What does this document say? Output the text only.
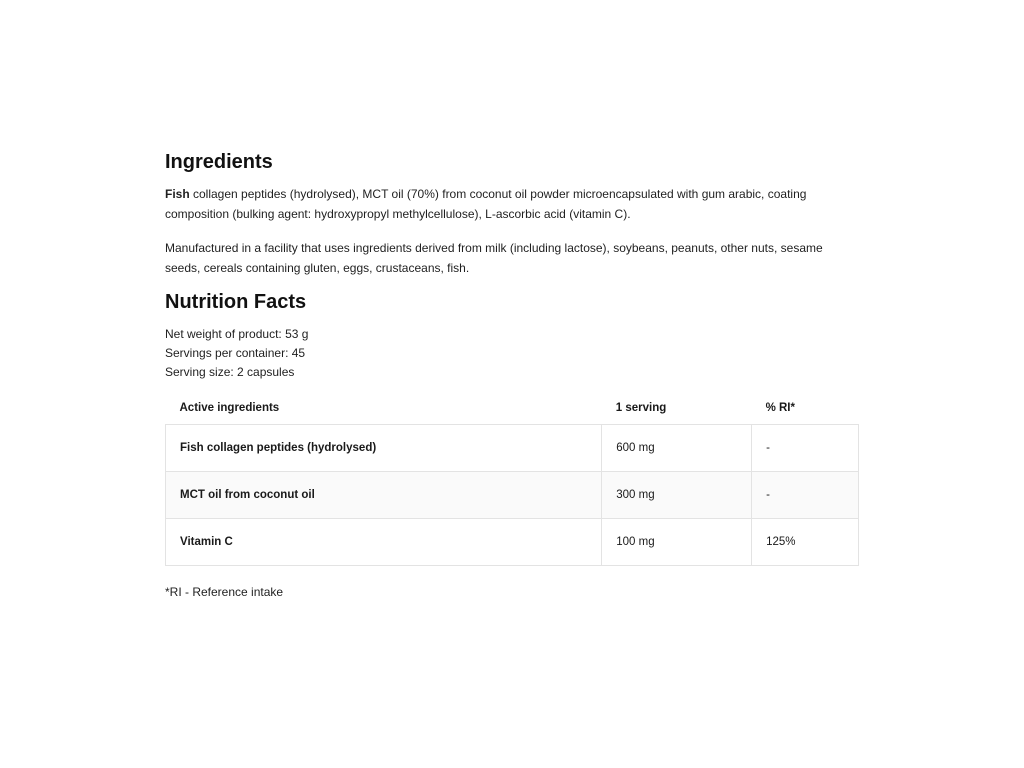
Ingredients

Fish collagen peptides (hydrolysed), MCT oil (70%) from coconut oil powder microencapsulated with gum arabic, coating composition (bulking agent: hydroxypropyl methylcellulose), L-ascorbic acid (vitamin C).

Manufactured in a facility that uses ingredients derived from milk (including lactose), soybeans, peanuts, other nuts, sesame seeds, cereals containing gluten, eggs, crustaceans, fish.

Nutrition Facts
Net weight of product: 53 g
Servings per container: 45
Serving size: 2 capsules
Active ingredients	1 serving	% RI*
Fish collagen peptides (hydrolysed)	600 mg	-
MCT oil from coconut oil	300 mg	-
Vitamin C	100 mg	125%
*RI - Reference intake
